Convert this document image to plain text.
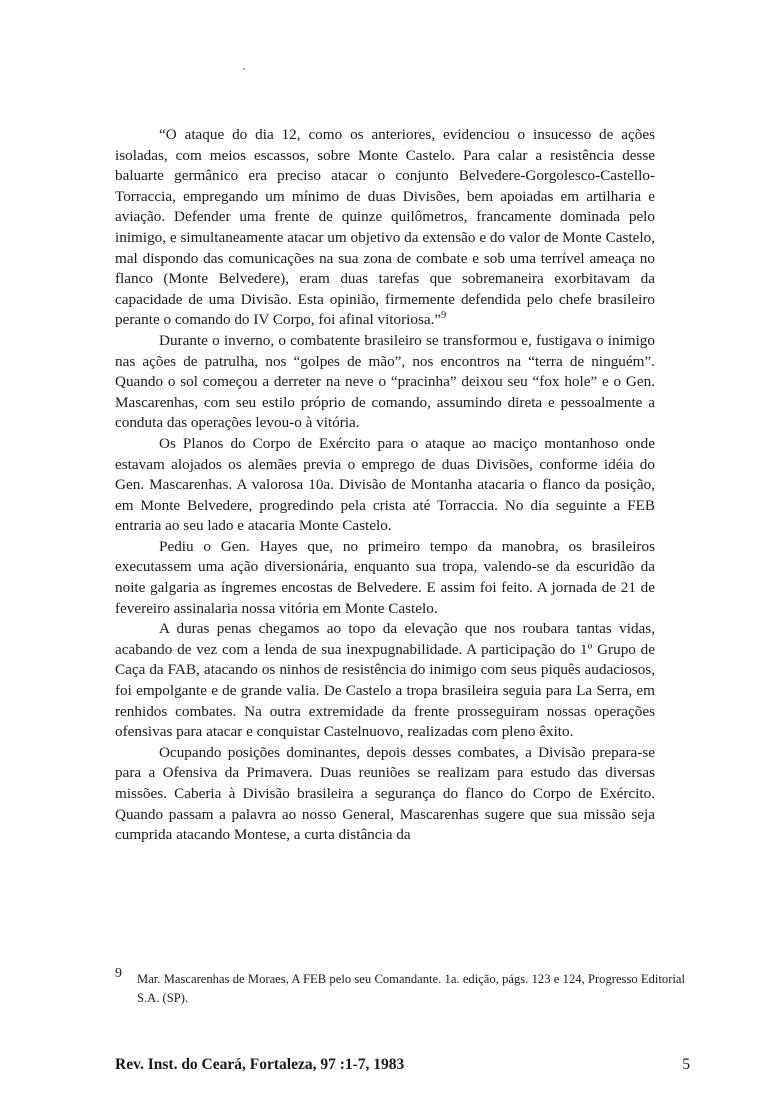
“O ataque do dia 12, como os anteriores, evidenciou o insucesso de ações isoladas, com meios escassos, sobre Monte Castelo. Para calar a resistência desse baluarte germânico era preciso atacar o conjunto Belvedere-Gorgolesco-Castello-Torraccia, empregando um mínimo de duas Divisões, bem apoiadas em artilharia e aviação. Defender uma frente de quinze quilômetros, francamente dominada pelo inimigo, e simultaneamente atacar um objetivo da extensão e do valor de Monte Castelo, mal dispondo das comunicações na sua zona de combate e sob uma terrível ameaça no flanco (Monte Belvedere), eram duas tarefas que sobremaneira exorbitavam da capacidade de uma Divisão. Esta opinião, firmemente defendida pelo chefe brasileiro perante o comando do IV Corpo, foi afinal vitoriosa.”$^9$

Durante o inverno, o combatente brasileiro se transformou e, fustigava o inimigo nas ações de patrulha, nos “golpes de mão”, nos encontros na “terra de ninguém”. Quando o sol começou a derreter na neve o “pracinha” deixou seu “fox hole” e o Gen. Mascarenhas, com seu estilo próprio de comando, assumindo direta e pessoalmente a conduta das operações levou-o à vitória.

Os Planos do Corpo de Exército para o ataque ao maciço montanhoso onde estavam alojados os alemães previa o emprego de duas Divisões, conforme idéia do Gen. Mascarenhas. A valorosa 10a. Divisão de Montanha atacaria o flanco da posição, em Monte Belvedere, progredindo pela crista até Torraccia. No dia seguinte a FEB entraria ao seu lado e atacaria Monte Castelo.

Pediu o Gen. Hayes que, no primeiro tempo da manobra, os brasileiros executassem uma ação diversionária, enquanto sua tropa, valendo-se da escuridão da noite galgaria as íngremes encostas de Belvedere. E assim foi feito. A jornada de 21 de fevereiro assinalaria nossa vitória em Monte Castelo.

A duras penas chegamos ao topo da elevação que nos roubara tantas vidas, acabando de vez com a lenda de sua inexpugnabilidade. A participação do 1º Grupo de Caça da FAB, atacando os ninhos de resistência do inimigo com seus piquês audaciosos, foi empolgante e de grande valia. De Castelo a tropa brasileira seguia para La Serra, em renhidos combates. Na outra extremidade da frente prosseguiram nossas operações ofensivas para atacar e conquistar Castelnuovo, realizadas com pleno êxito.

Ocupando posições dominantes, depois desses combates, a Divisão prepara-se para a Ofensiva da Primavera. Duas reuniões se realizam para estudo das diversas missões. Caberia à Divisão brasileira a segurança do flanco do Corpo de Exército. Quando passam a palavra ao nosso General, Mascarenhas sugere que sua missão seja cumprida atacando Montese, a curta distância da

9 Mar. Mascarenhas de Moraes, A FEB pelo seu Comandante. 1a. edição, págs. 123 e 124, Progresso Editorial S.A. (SP).
Rev. Inst. do Ceará, Fortaleza, 97 :1-7, 1983	5
